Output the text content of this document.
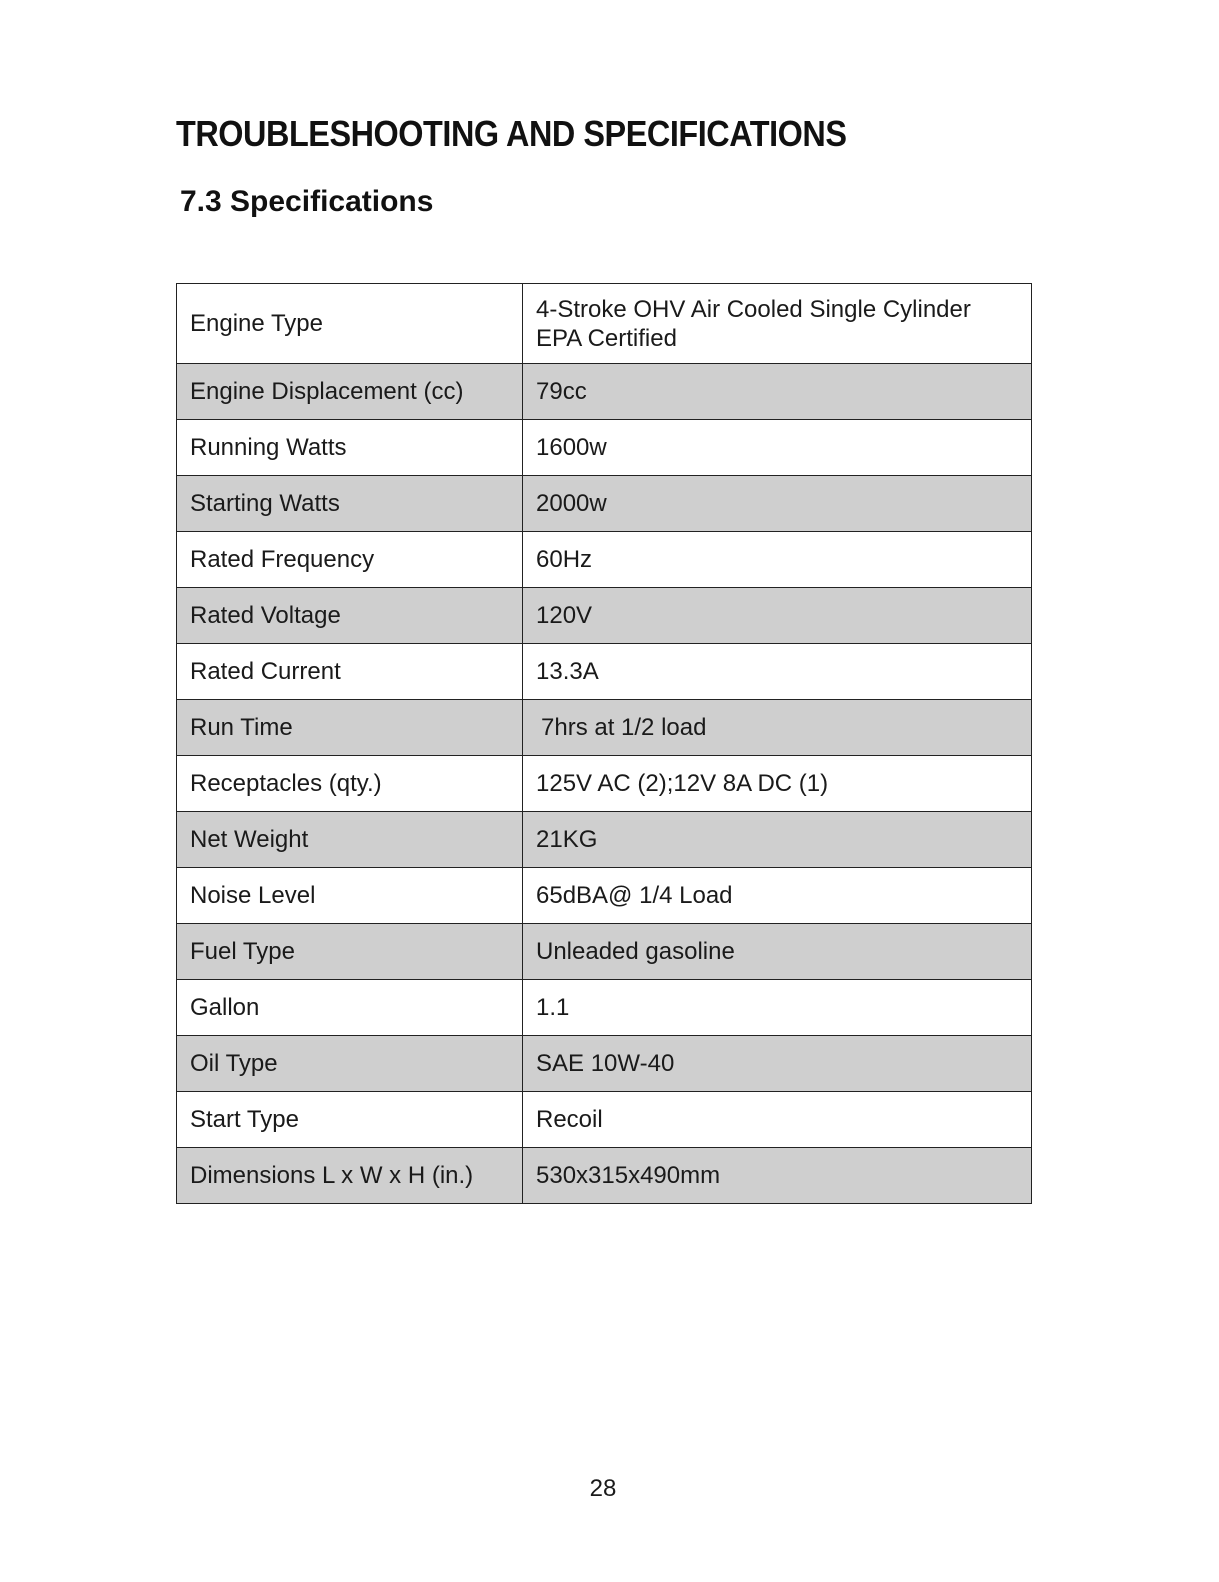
TROUBLESHOOTING AND SPECIFICATIONS
7.3 Specifications
Engine Type	4-Stroke OHV Air Cooled Single Cylinder EPA Certified
Engine Displacement (cc)	79cc
Running Watts	1600w
Starting Watts	2000w
Rated Frequency	60Hz
Rated Voltage	120V
Rated Current	13.3A
Run Time	7hrs at 1/2 load
Receptacles (qty.)	125V AC (2);12V 8A DC (1)
Net Weight	21KG
Noise Level	65dBA@ 1/4 Load
Fuel Type	Unleaded gasoline
Gallon	1.1
Oil Type	SAE 10W-40
Start Type	Recoil
Dimensions L x W x H (in.)	530x315x490mm
28
